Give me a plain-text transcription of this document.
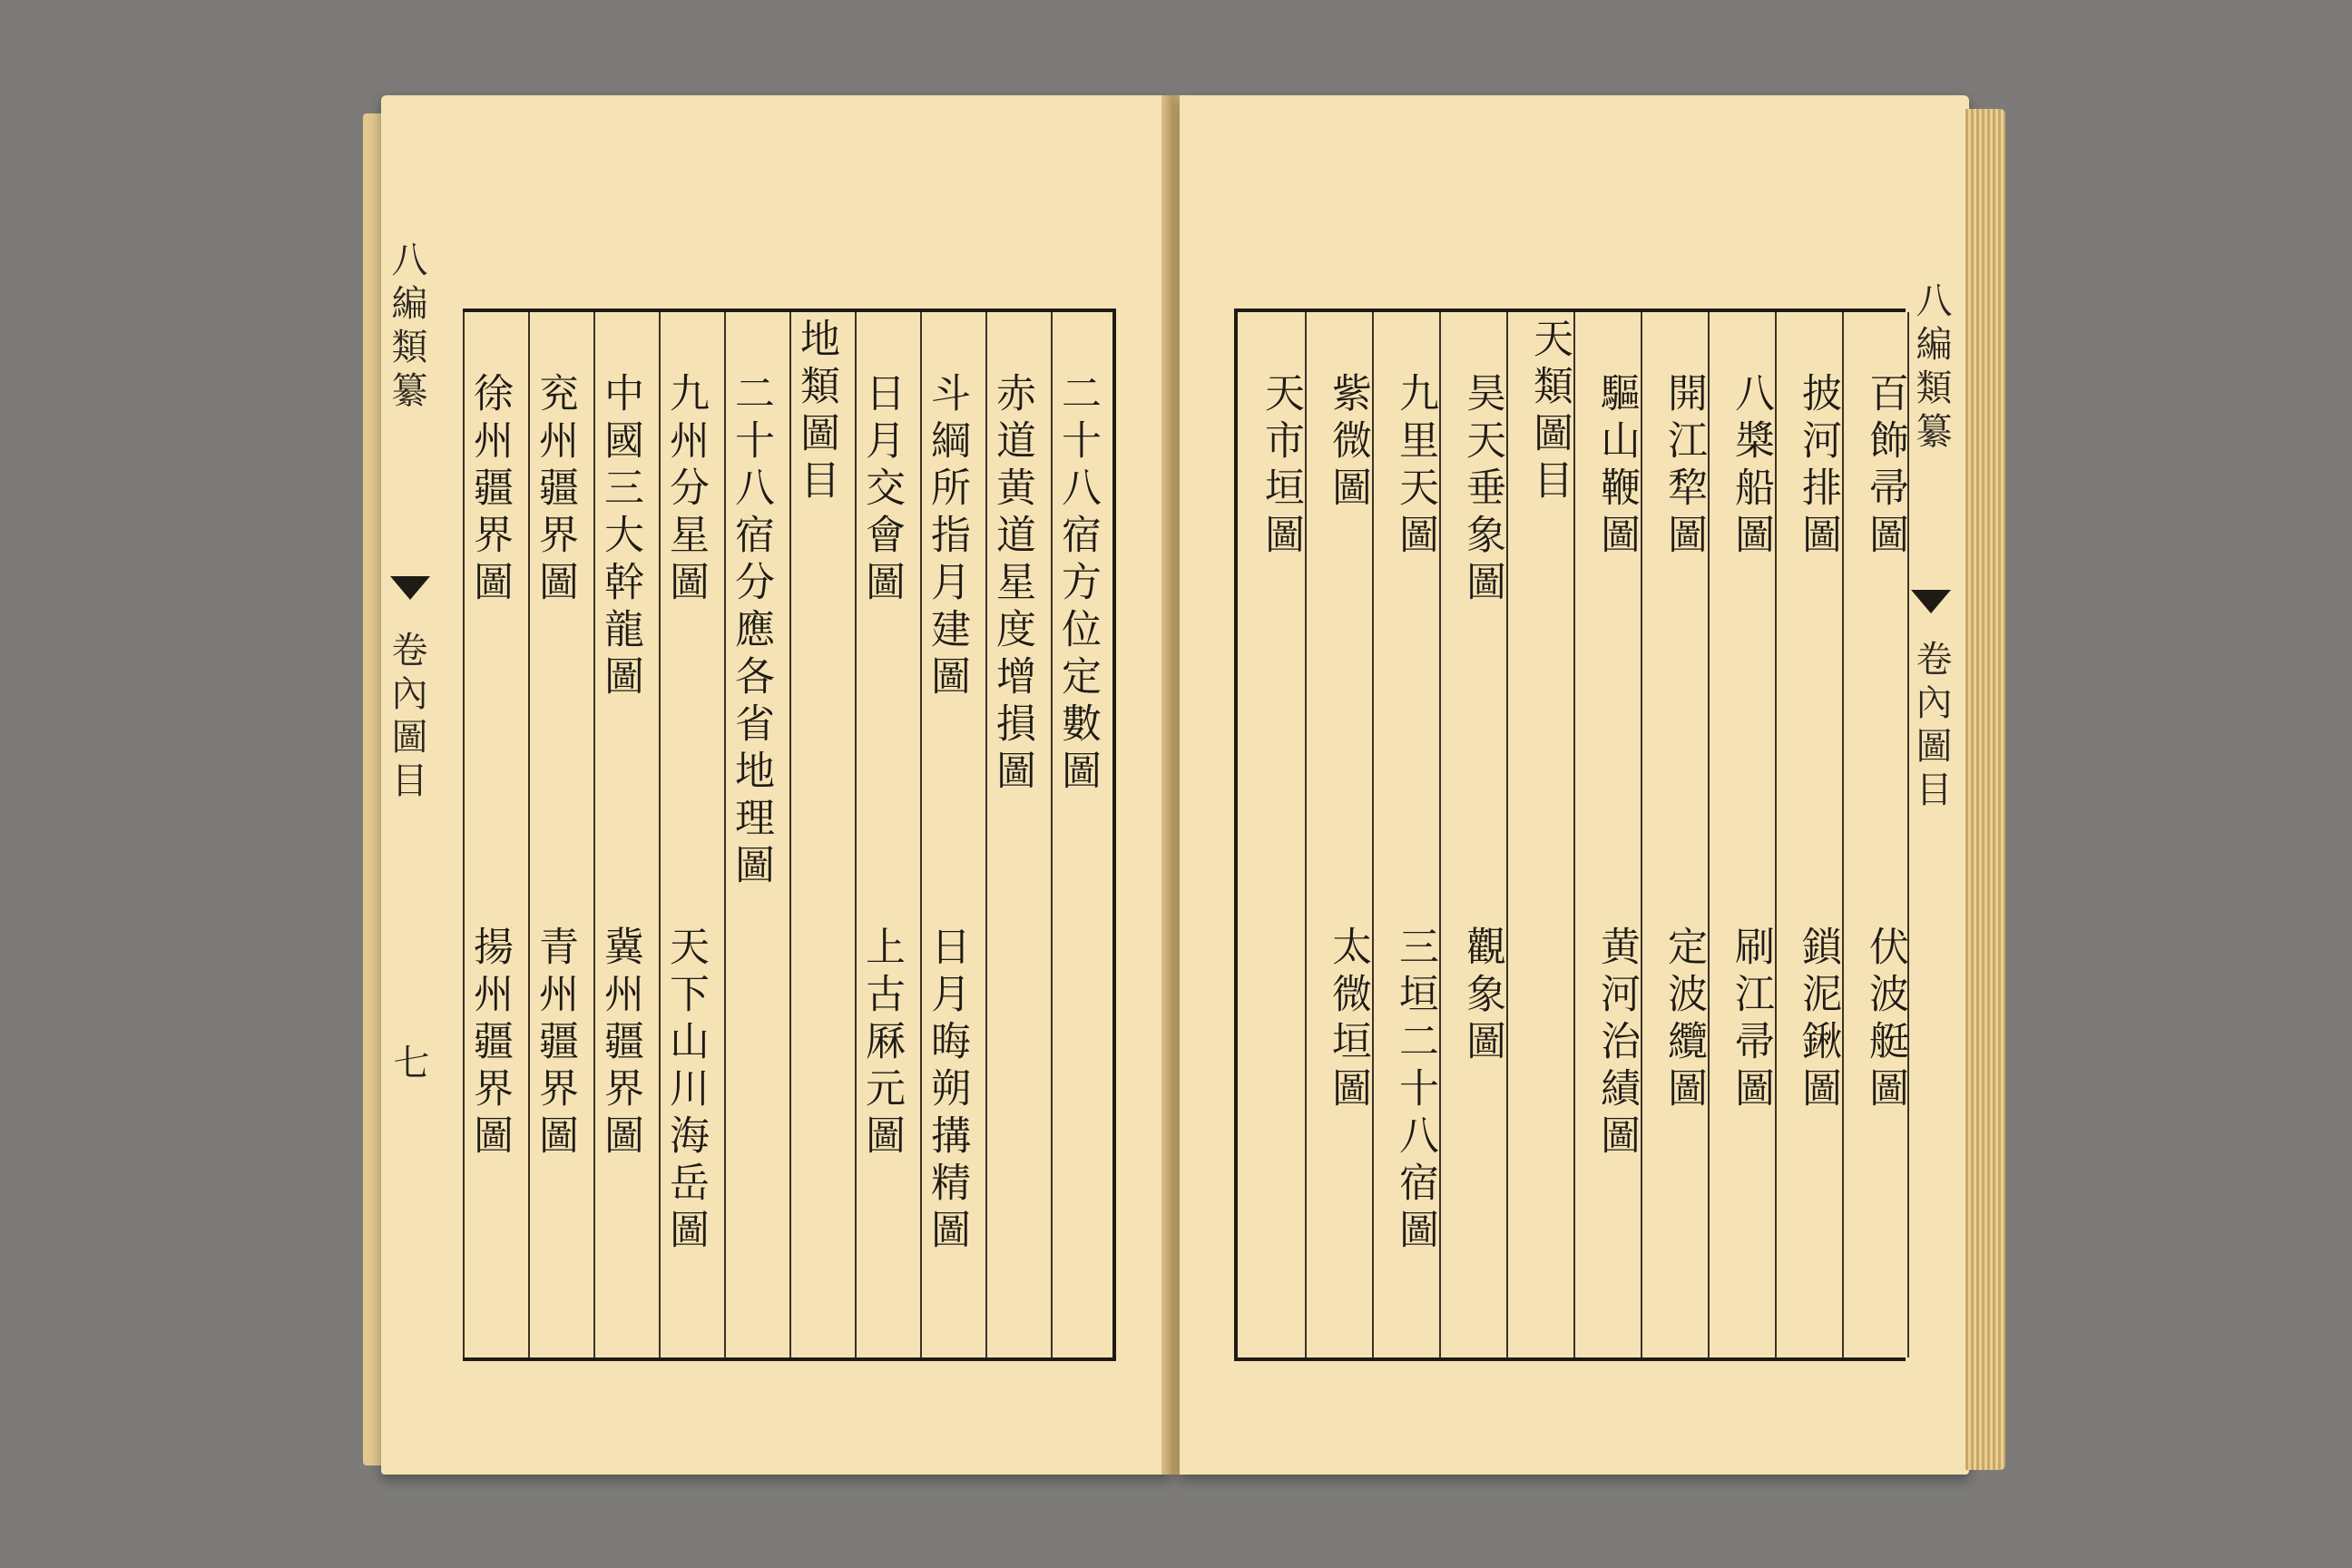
八編類纂
卷內圖目
七
二十八宿方位定數圖
赤道黄道星度增損圖
斗綱所指月建圖
日月晦朔搆精圖
日月交會圖
上古厤元圖
地類圖目
二十八宿分應各省地理圖
九州分星圖
天下山川海岳圖
中國三大幹龍圖
冀州疆界圖
兖州疆界圖
青州疆界圖
徐州疆界圖
揚州疆界圖
八編類纂
卷內圖目
百飾帚圖
伏波艇圖
披河排圖
鎖泥鍬圖
八槳船圖
刷江帚圖
開江犂圖
定波纜圖
驅山鞭圖
黄河治績圖
天類圖目
昊天垂象圖
觀象圖
九里天圖
三垣二十八宿圖
紫微圖
太微垣圖
天市垣圖
